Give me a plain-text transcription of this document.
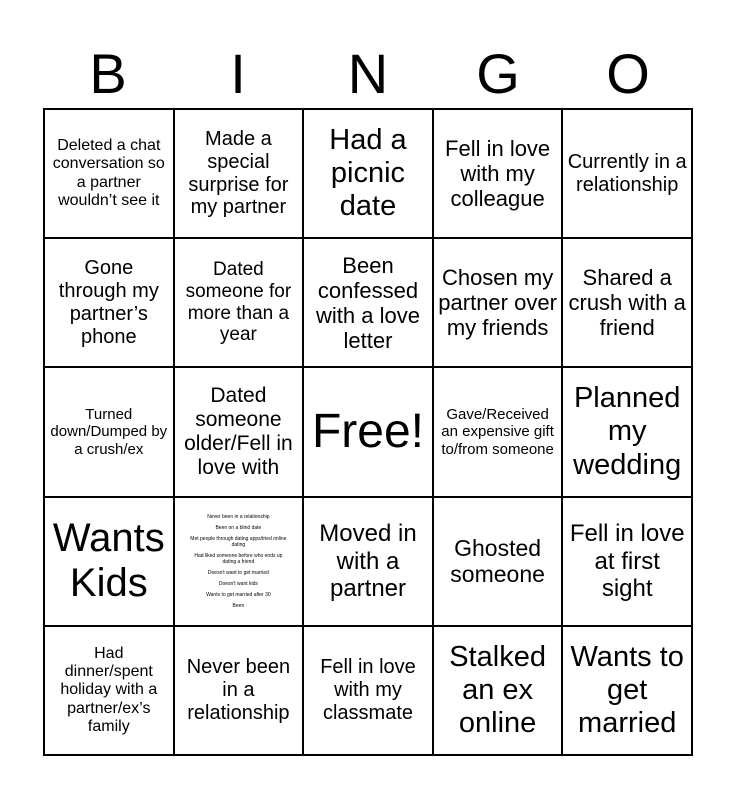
B	I	N	G	O
Deleted a chat conversation so a partner wouldn’t see it
Made a special surprise for my partner
Had a picnic date
Fell in love with my colleague
Currently in a relationship
Gone through my partner’s phone
Dated someone for more than a year
Been confessed with a love letter
Chosen my partner over my friends
Shared a crush with a friend
Turned down/Dumped by a crush/ex
Dated someone older/Fell in love with
Free!	Gave/Received an expensive gift to/from someone
Planned my wedding
Wants Kids
Never been in a relationship
Been on a blind date
Met people through dating apps/tried online dating
Had liked someone before who ends up dating a friend
Doesn't want to get married
Doesn't want kids
Wants to get married after 30
Been
Moved in with a partner
Ghosted someone
Fell in love at first sight
Had dinner/spent holiday with a partner/ex’s family
Never been in a relationship
Fell in love with my classmate
Stalked an ex online
Wants to get married
